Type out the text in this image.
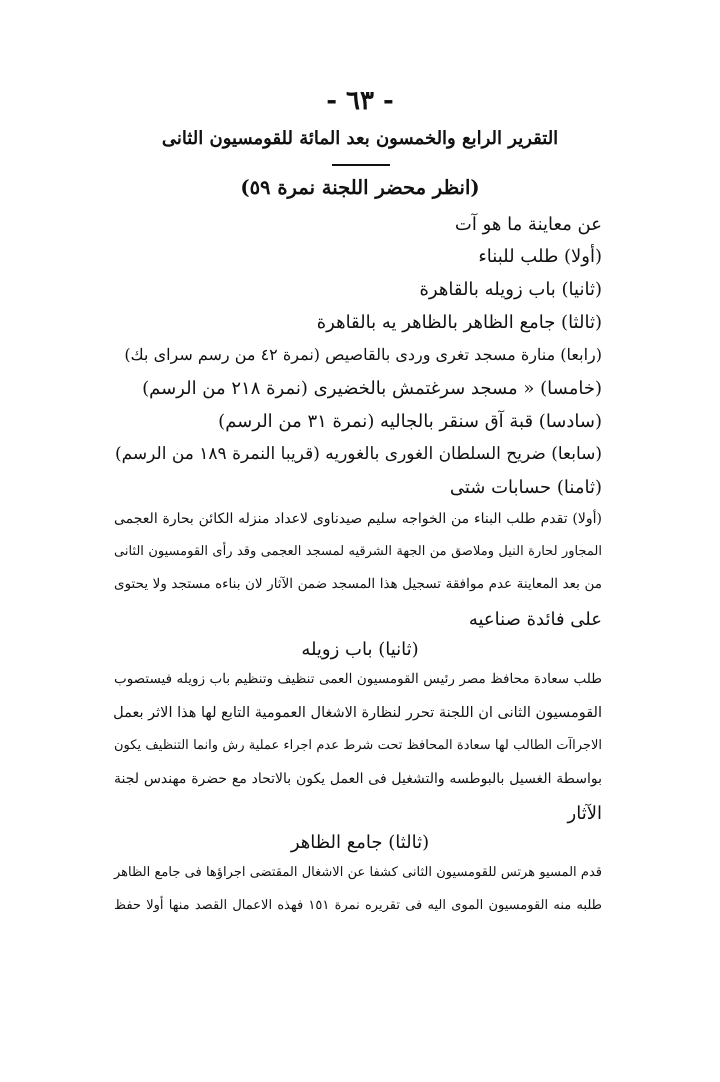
- ٦٣ -
التقرير الرابع والخمسون بعد المائة للقومسيون الثانى
(انظر محضر اللجنة نمرة ٥٩)
عن معاينة ما هو آت
(أولا) طلب للبناء
(ثانيا) باب زويله بالقاهرة
(ثالثا) جامع الظاهر بالظاهر يه بالقاهرة
(رابعا) منارة مسجد تغرى وردى بالقاصيص (نمرة ٤٢ من رسم سراى بك)
(خامسا) « مسجد سرغتمش بالخضيرى (نمرة ٢١٨ من الرسم)
(سادسا) قبة آق سنقر بالجاليه (نمرة ٣١ من الرسم)
(سابعا) ضريح السلطان الغورى بالغوريه (قريبا النمرة ١٨٩ من الرسم)
(ثامنا) حسابات شتى
(أولا) تقدم طلب البناء من الخواجه سليم صيدناوى لاعداد منزله الكائن بحارة العجمى
المجاور لحارة النيل وملاصق من الجهة الشرقيه لمسجد العجمى وقد رأى القومسيون الثانى
من بعد المعاينة عدم موافقة تسجيل هذا المسجد ضمن الآثار لان بناءه مستجد ولا يحتوى
على فائدة صناعيه
(ثانيا) باب زويله
طلب سعادة محافظ مصر رئيس القومسيون العمى تنظيف وتنظيم باب زويله فيستصوب
القومسيون الثانى ان اللجنة تحرر لنظارة الاشغال العمومية التابع لها هذا الاثر بعمل
الاجراآت الطالب لها سعادة المحافظ تحت شرط عدم اجراء عملية رش وانما التنظيف يكون
بواسطة الغسيل بالبوطسه والتشغيل فى العمل يكون بالاتحاد مع حضرة مهندس لجنة
الآثار
(ثالثا) جامع الظاهر
قدم المسيو هرتس للقومسيون الثانى كشفا عن الاشغال المقتضى اجراؤها فى جامع الظاهر
طلبه منه القومسيون الموى اليه فى تقريره نمرة ١٥١ فهذه الاعمال القصد منها أولا حفظ
